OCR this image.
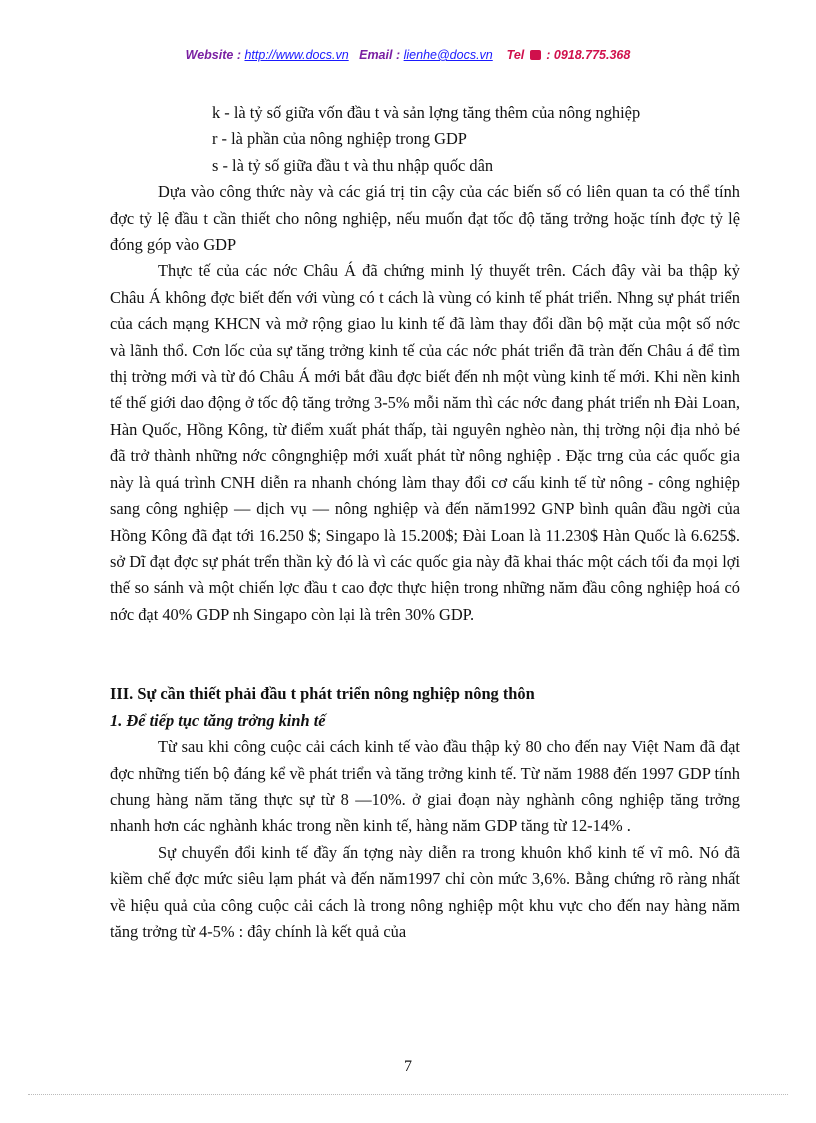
Website : http://www.docs.vn Email : lienhe@docs.vn Tel : 0918.775.368

k - là tỷ số giữa vốn đầu t và sản lợng tăng thêm của nông nghiệp

r - là phần của nông nghiệp trong GDP

s - là tỷ số giữa đầu t và thu nhập quốc dân

Dựa vào công thức này và các giá trị tin cậy của các biến số có liên quan ta có thể tính đợc tỷ lệ đầu t cần thiết cho nông nghiệp, nếu muốn đạt tốc độ tăng trởng hoặc tính đợc tỷ lệ đóng góp vào GDP

Thực tế của các nớc Châu Á đã chứng minh lý thuyết trên. Cách đây vài ba thập kỷ Châu Á không đợc biết đến với vùng có t cách là vùng có kinh tế phát triển. Nhng sự phát triển của cách mạng KHCN và mở rộng giao lu kinh tế đã làm thay đổi dần bộ mặt của một số nớc và lãnh thổ. Cơn lốc của sự tăng trởng kinh tế của các nớc phát triển đã tràn đến Châu á để tìm thị trờng mới và từ đó Châu Á mới bắt đầu đợc biết đến nh một vùng kinh tế mới. Khi nền kinh tế thế giới dao động ở tốc độ tăng trởng 3-5% mỗi năm thì các nớc đang phát triển nh Đài Loan, Hàn Quốc, Hồng Kông, từ điểm xuất phát thấp, tài nguyên nghèo nàn, thị trờng nội địa nhỏ bé đã trở thành những nớc côngnghiệp mới xuất phát từ nông nghiệp . Đặc trng của các quốc gia này là quá trình CNH diễn ra nhanh chóng làm thay đổi cơ cấu kinh tế từ nông - công nghiệp sang công nghiệp — dịch vụ — nông nghiệp và đến năm1992 GNP bình quân đầu ngời của Hồng Kông đã đạt tới 16.250 $; Singapo là 15.200$; Đài Loan là 11.230$ Hàn Quốc là 6.625$. sở Dĩ đạt đợc sự phát trển thần kỳ đó là vì các quốc gia này đã khai thác một cách tối đa mọi lợi thế so sánh và một chiến lợc đầu t cao đợc thực hiện trong những năm đầu công nghiệp hoá có nớc đạt 40% GDP nh Singapo còn lại là trên 30% GDP.

III. Sự cần thiết phải đầu t phát triển nông nghiệp nông thôn
1. Để tiếp tục tăng trởng kinh tế

Từ sau khi công cuộc cải cách kinh tế vào đầu thập kỷ 80 cho đến nay Việt Nam đã đạt đợc những tiến bộ đáng kể về phát triển và tăng trởng kinh tế. Từ năm 1988 đến 1997 GDP tính chung hàng năm tăng thực sự từ 8 —10%. ở giai đoạn này nghành công nghiệp tăng trởng nhanh hơn các nghành khác trong nền kinh tế, hàng năm GDP tăng từ 12-14% .

Sự chuyển đổi kinh tế đầy ấn tợng này diễn ra trong khuôn khổ kinh tế vĩ mô. Nó đã kiềm chế đợc mức siêu lạm phát và đến năm1997 chỉ còn mức 3,6%. Bằng chứng rõ ràng nhất về hiệu quả của công cuộc cải cách là trong nông nghiệp một khu vực cho đến nay hàng năm tăng trởng từ 4-5% : đây chính là kết quả của

7
